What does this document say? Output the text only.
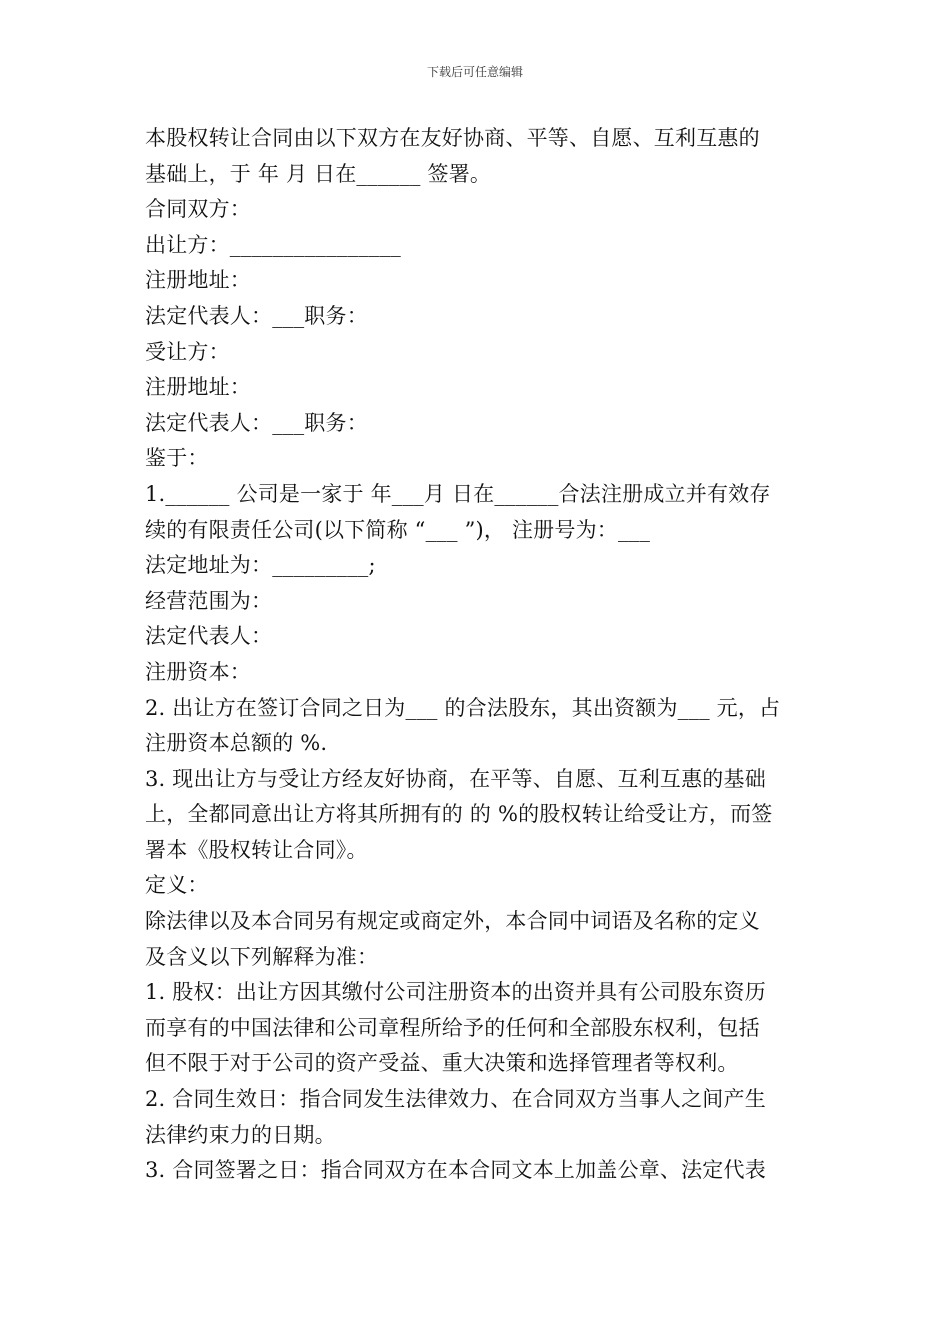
下载后可任意编辑
本股权转让合同由以下双方在友好协商、平等、自愿、互利互惠的
基础上，于 年 月 日在______ 签署。
合同双方：
出让方：________________
注册地址：
法定代表人：___职务：
受让方：
注册地址：
法定代表人：___职务：
鉴于：
1.______ 公司是一家于 年___月 日在______合法注册成立并有效存
续的有限责任公司(以下简称 “___ ”)， 注册号为：___
法定地址为：_________;
经营范围为：
法定代表人：
注册资本：
2. 出让方在签订合同之日为___ 的合法股东，其出资额为___ 元，占
注册资本总额的 %.
3. 现出让方与受让方经友好协商，在平等、自愿、互利互惠的基础
上，全都同意出让方将其所拥有的 的 %的股权转让给受让方，而签
署本《股权转让合同》。
定义：
除法律以及本合同另有规定或商定外，本合同中词语及名称的定义
及含义以下列解释为准：
1. 股权：出让方因其缴付公司注册资本的出资并具有公司股东资历
而享有的中国法律和公司章程所给予的任何和全部股东权利，包括
但不限于对于公司的资产受益、重大决策和选择管理者等权利。
2. 合同生效日：指合同发生法律效力、在合同双方当事人之间产生
法律约束力的日期。
3. 合同签署之日：指合同双方在本合同文本上加盖公章、法定代表
